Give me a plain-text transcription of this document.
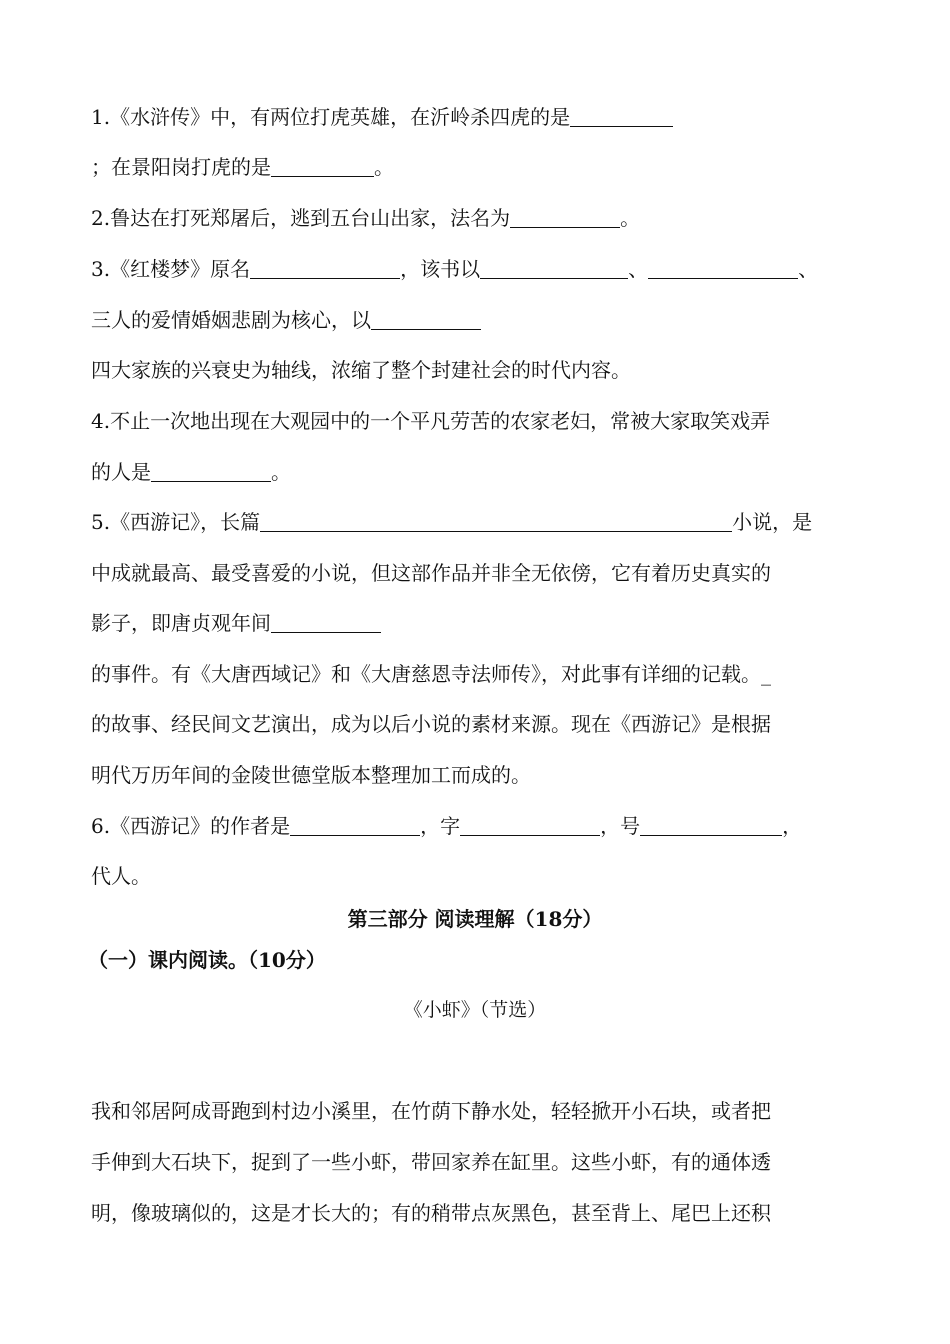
1.《水浒传》中，有两位打虎英雄，在沂岭杀四虎的是
；在景阳岗打虎的是	。
2.鲁达在打死郑屠后，逃到五台山出家，法名为	。
3.《红楼梦》原名	，该书以	、	、
三人的爱情婚姻悲剧为核心，以
四大家族的兴衰史为轴线，浓缩了整个封建社会的时代内容。
4.不止一次地出现在大观园中的一个平凡劳苦的农家老妇，常被大家取笑戏弄
的人是	。
5.《西游记》，长篇	小说，是
中成就最高、最受喜爱的小说，但这部作品并非全无依傍，它有着历史真实的
影子，即唐贞观年间
的事件。有《大唐西域记》和《大唐慈恩寺法师传》，对此事有详细的记载。_
的故事、经民间文艺演出，成为以后小说的素材来源。现在《西游记》是根据
明代万历年间的金陵世德堂版本整理加工而成的。
6.《西游记》的作者是	，字	，号	，
代人。
第三部分 阅读理解（18分）
（一）课内阅读。（10分）
《小虾》（节选）
我和邻居阿成哥跑到村边小溪里，在竹荫下静水处，轻轻掀开小石块，或者把
手伸到大石块下，捉到了一些小虾，带回家养在缸里。这些小虾，有的通体透
明，像玻璃似的，这是才长大的；有的稍带点灰黑色，甚至背上、尾巴上还积
